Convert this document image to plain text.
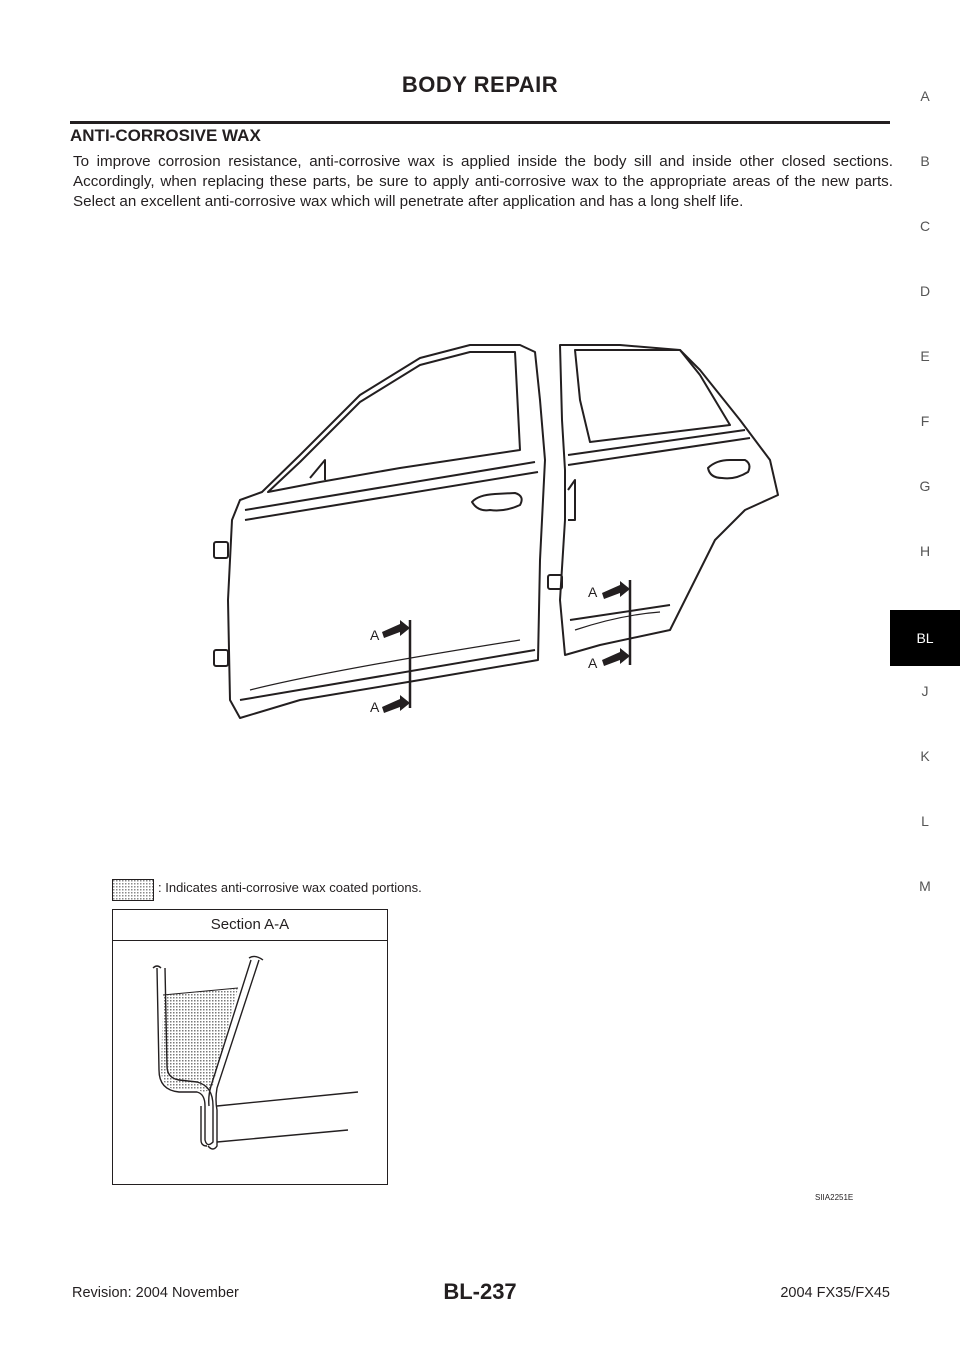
BODY REPAIR
ANTI-CORROSIVE WAX
To improve corrosion resistance, anti-corrosive wax is applied inside the body sill and inside other closed sections. Accordingly, when replacing these parts, be sure to apply anti-corrosive wax to the appropriate areas of the new parts. Select an excellent anti-corrosive wax which will penetrate after application and has a long shelf life.
A
B
C
D
E
F
G
H
BL
J
K
L
M
A
A
A
A
: Indicates anti-corrosive wax coated portions.
Section A-A
SIIA2251E
Revision: 2004 November	BL-237	2004 FX35/FX45
